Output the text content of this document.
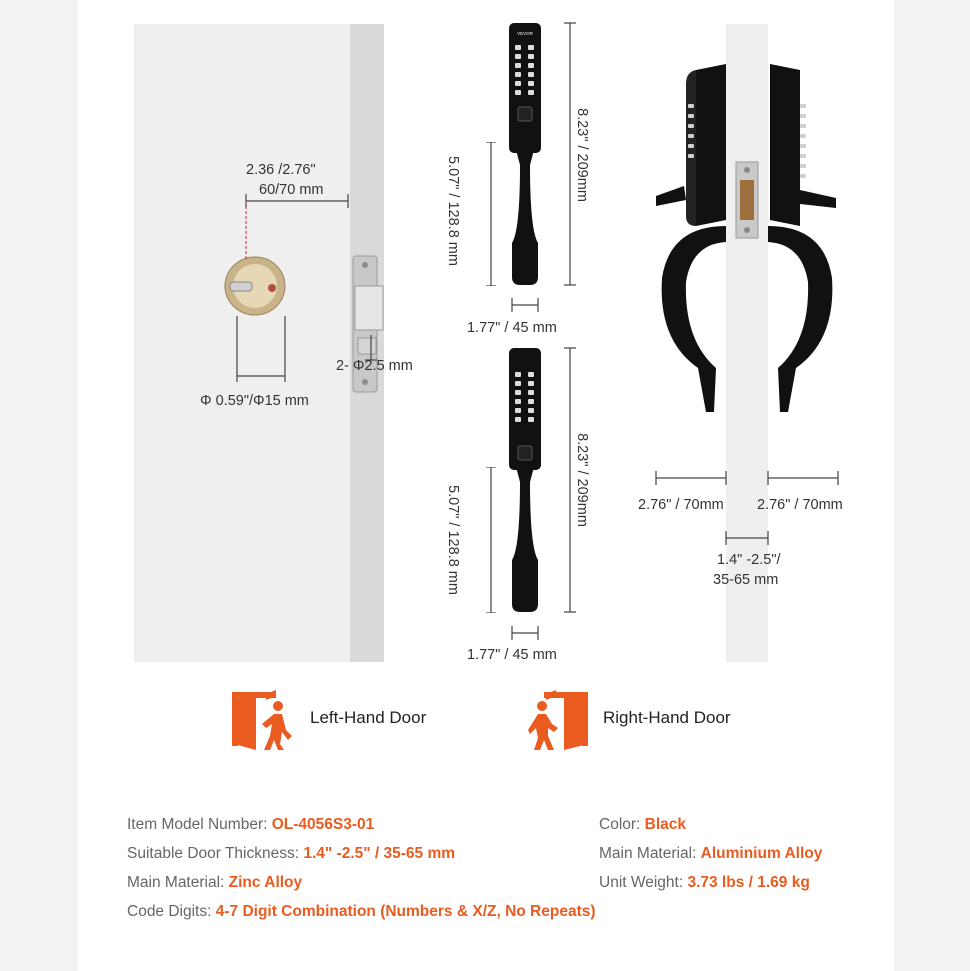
2.36 /2.76"
60/70 mm
2- Φ2.5 mm
Φ 0.59"/Φ15 mm
VEVOR
8.23" / 209mm
5.07" / 128.8 mm
1.77" / 45 mm
8.23" / 209mm
5.07" / 128.8 mm
1.77" / 45 mm
2.76" / 70mm 2.76" / 70mm
1.4" -2.5"/
35-65 mm
Left-Hand Door	Right-Hand Door
Item Model Number: OL-4056S3-01	Color: Black
Suitable Door Thickness: 1.4" -2.5" / 35-65 mm	Main Material: Aluminium Alloy
Main Material: Zinc Alloy	Unit Weight: 3.73 lbs / 1.69 kg
Code Digits: 4-7 Digit Combination (Numbers & X/Z, No Repeats)
